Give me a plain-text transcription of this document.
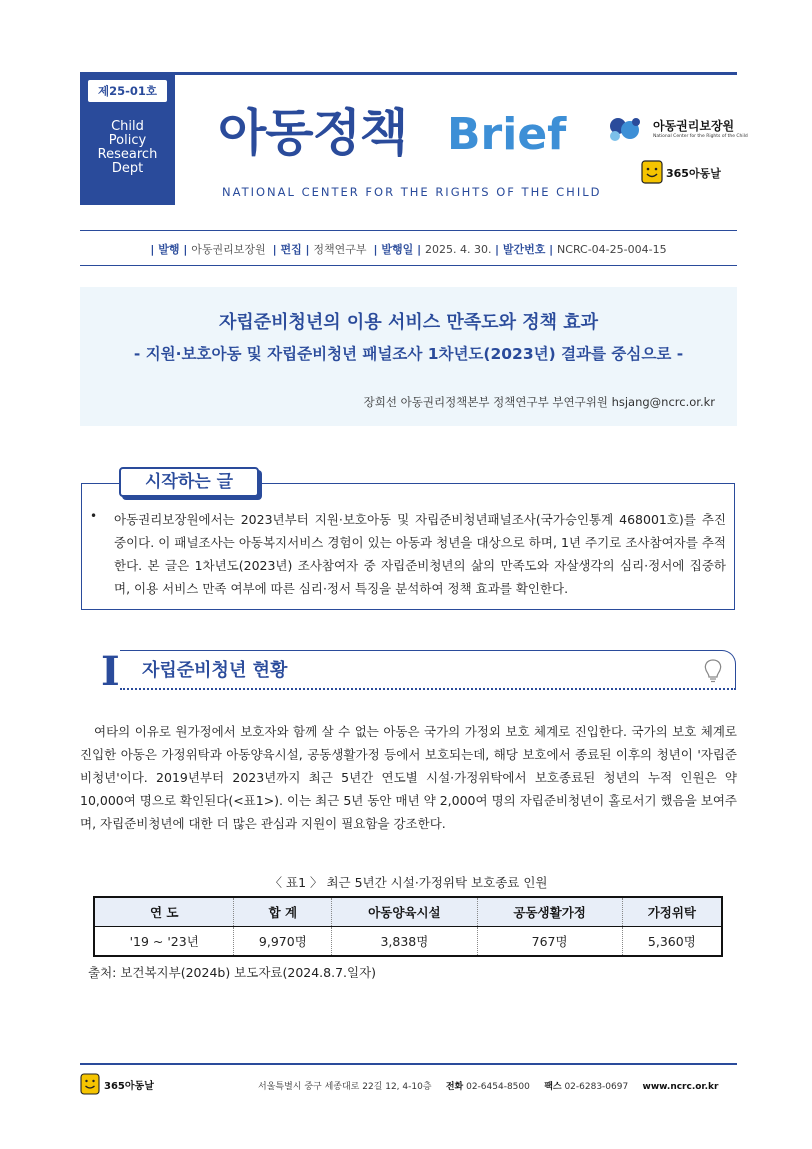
제25-01호
Child
Policy
Research
Dept
아동정책 Brief
NATIONAL CENTER FOR THE RIGHTS OF THE CHILD
아동권리보장원
National Center for the Rights of the Child
365아동날
| 발행 | 아동권리보장원 | 편집 | 정책연구부 | 발행일 | 2025. 4. 30. | 발간번호 | NCRC-04-25-004-15
자립준비청년의 이용 서비스 만족도와 정책 효과
- 지원·보호아동 및 자립준비청년 패널조사 1차년도(2023년) 결과를 중심으로 -
장희선 아동권리정책본부 정책연구부 부연구위원 hsjang@ncrc.or.kr
시작하는 글
• 아동권리보장원에서는 2023년부터 지원·보호아동 및 자립준비청년패널조사(국가승인통계 468001호)를 추진 중이다. 이 패널조사는 아동복지서비스 경험이 있는 아동과 청년을 대상으로 하며, 1년 주기로 조사참여자를 추적한다. 본 글은 1차년도(2023년) 조사참여자 중 자립준비청년의 삶의 만족도와 자살생각의 심리·정서에 집중하며, 이용 서비스 만족 여부에 따른 심리·정서 특징을 분석하여 정책 효과를 확인한다.
I 자립준비청년 현황
여타의 이유로 원가정에서 보호자와 함께 살 수 없는 아동은 국가의 가정외 보호 체계로 진입한다. 국가의 보호 체계로 진입한 아동은 가정위탁과 아동양육시설, 공동생활가정 등에서 보호되는데, 해당 보호에서 종료된 이후의 청년이 '자립준비청년'이다. 2019년부터 2023년까지 최근 5년간 연도별 시설·가정위탁에서 보호종료된 청년의 누적 인원은 약 10,000여 명으로 확인된다(<표1>). 이는 최근 5년 동안 매년 약 2,000여 명의 자립준비청년이 홀로서기 했음을 보여주며, 자립준비청년에 대한 더 많은 관심과 지원이 필요함을 강조한다.
〈 표1 〉 최근 5년간 시설·가정위탁 보호종료 인원
연 도	합 계	아동양육시설	공동생활가정	가정위탁
'19 ~ '23년	9,970명	3,838명	767명	5,360명
출처: 보건복지부(2024b) 보도자료(2024.8.7.일자)
365아동날	서울특별시 중구 세종대로 22길 12, 4-10층 전화 02-6454-8500 팩스 02-6283-0697 www.ncrc.or.kr
